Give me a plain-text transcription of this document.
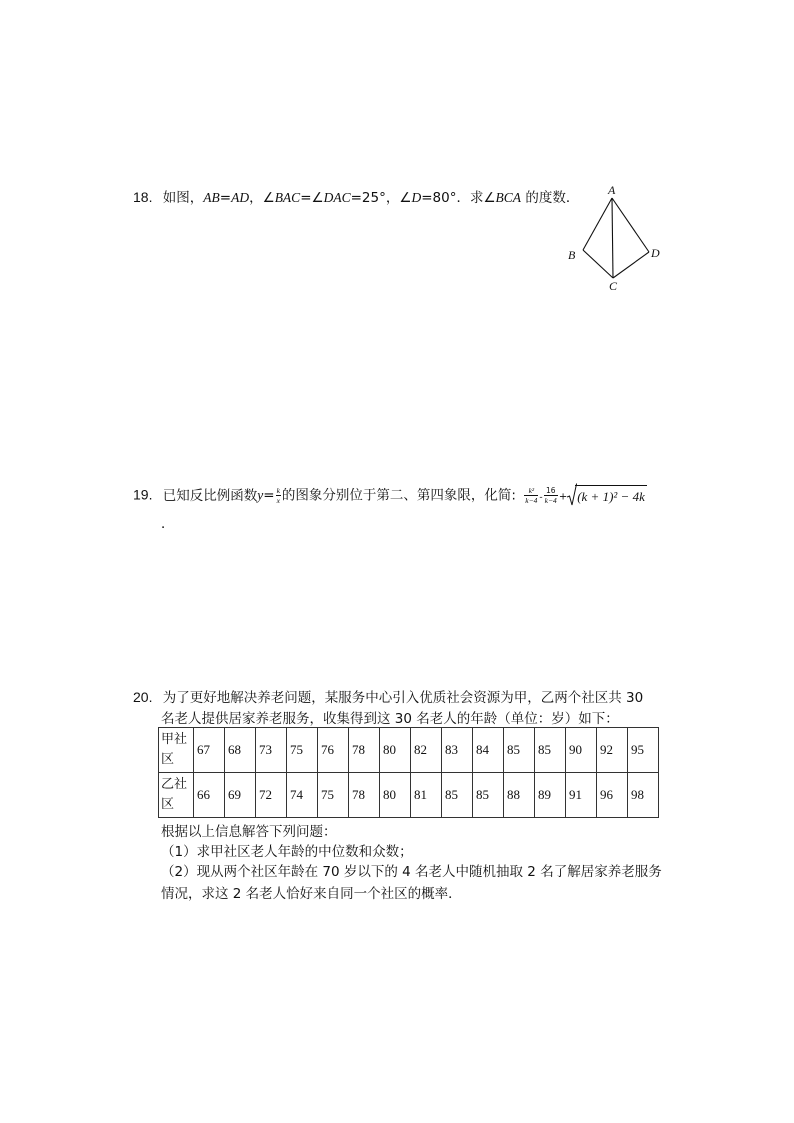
18. 如图，AB=AD，∠BAC=∠DAC=25°，∠D=80°．求∠BCA 的度数． A
B
C
D
19. 已知反比例函数$y= \frac{k}{x}$ 的图象分别位于第二、第四象限，化简: $\frac{\text{k²}}{k-4} - \frac{16}{k-4} + (k + 1)^2 - 4k$
．
20. 为了更好地解决养老问题，某服务中心引入优质社会资源为甲，乙两个社区共 30
名老人提供居家养老服务，收集得到这 30 名老人的年龄（单位：岁）如下：
甲社
区	67	68	73	75	76	78	80	82	83	84	85	85	90	92	95
乙社
区	66	69	72	74	75	78	80	81	85	85	88	89	91	96	98
根据以上信息解答下列问题：
（1）求甲社区老人年龄的中位数和众数；
（2）现从两个社区年龄在 70 岁以下的 4 名老人中随机抽取 2 名了解居家养老服务
情况，求这 2 名老人恰好来自同一个社区的概率．
